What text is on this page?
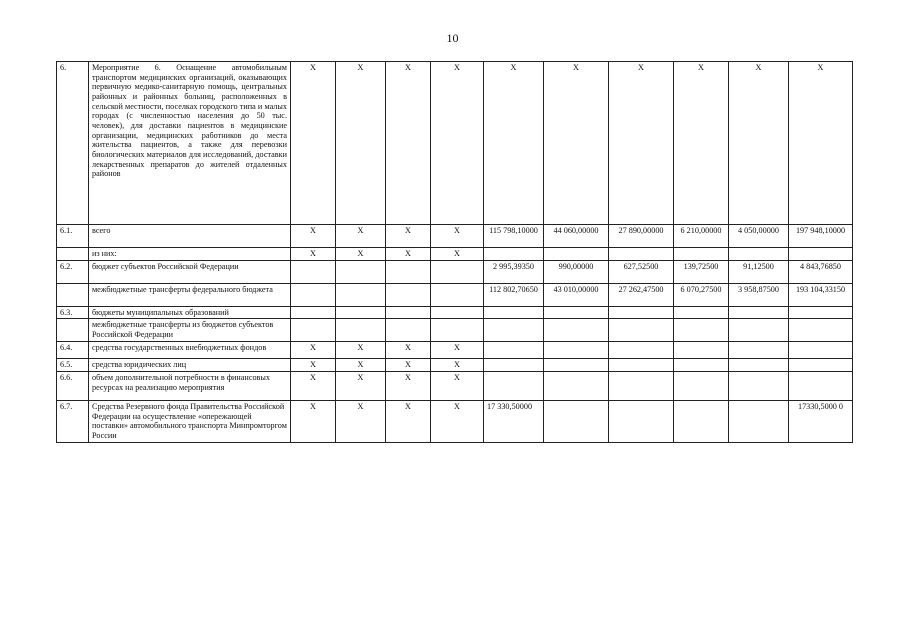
10
6.	Мероприятие 6. Оснащение автомобильным транспортом медицинских организаций, оказывающих первичную медико-санитарную помощь, центральных районных и районных больниц, расположенных в сельской местности, поселках городского типа и малых городах (с численностью населения до 50 тыс. человек), для доставки пациентов в медицинские организации, медицинских работников до места жительства пациентов, а также для перевозки биологических материалов для исследований, доставки лекарственных препаратов до жителей отдаленных районов	X	X	X	X	X	X	X	X	X	X
6.1.	всего	X	X	X	X	115 798,10000	44 060,00000	27 890,00000	6 210,00000	4 050,00000	197 948,10000
	из них:	X	X	X	X						
6.2.	бюджет субъектов Российской Федерации					2 995,39350	990,00000	627,52500	139,72500	91,12500	4 843,76850
	межбюджетные трансферты федерального бюджета					112 802,70650	43 010,00000	27 262,47500	6 070,27500	3 958,87500	193 104,33150
6.3.	бюджеты муниципальных образований										
	межбюджетные трансферты из бюджетов субъектов Российской Федерации										
6.4.	средства государственных внебюджетных фондов	X	X	X	X						
6.5.	средства юридических лиц	X	X	X	X						
6.6.	объем дополнительной потребности в финансовых ресурсах на реализацию мероприятия	X	X	X	X						
6.7.	Средства Резервного фонда Правительства Российской Федерации на осуществление «опережающей поставки» автомобильного транспорта Минпромторгом России	X	X	X	X	17 330,50000					17330,5000 0
